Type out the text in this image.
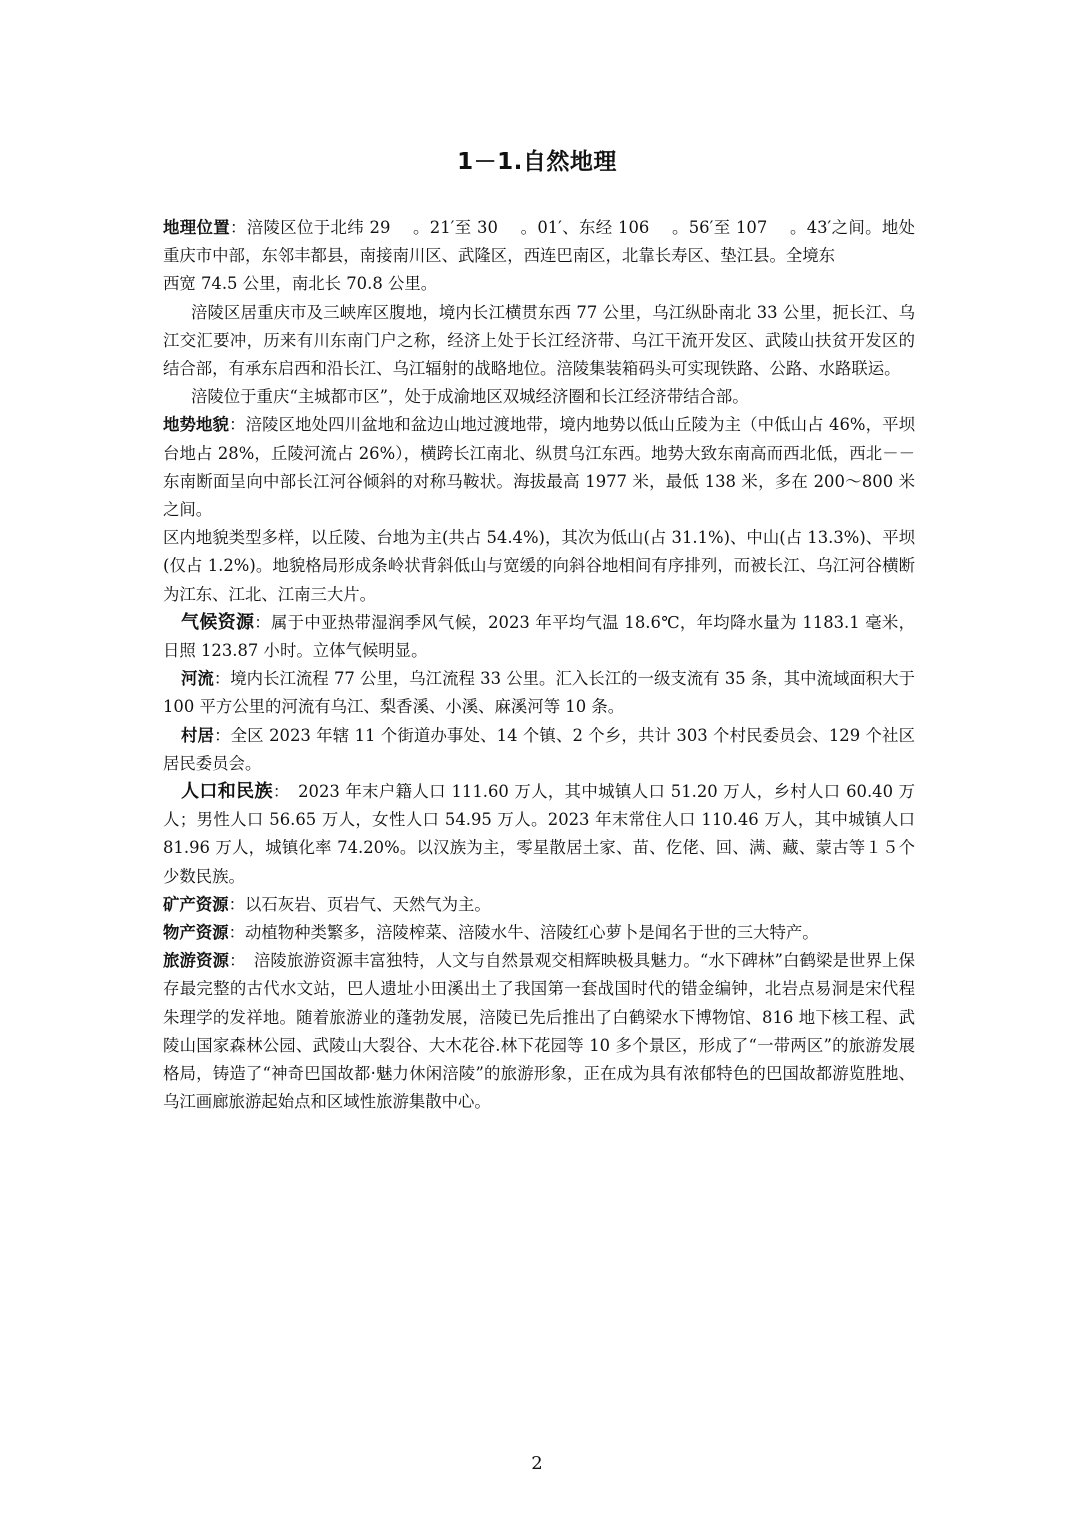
1－1.自然地理

地理位置：涪陵区位于北纬 29　 。21′至 30　 。01′、东经 106　 。56′至 107　 。43′之间。地处重庆市中部，东邻丰都县，南接南川区、武隆区，西连巴南区，北靠长寿区、垫江县。全境东

西宽 74.5 公里，南北长 70.8 公里。

涪陵区居重庆市及三峡库区腹地，境内长江横贯东西 77 公里，乌江纵卧南北 33 公里，扼长江、乌江交汇要冲，历来有川东南门户之称，经济上处于长江经济带、乌江干流开发区、武陵山扶贫开发区的结合部，有承东启西和沿长江、乌江辐射的战略地位。涪陵集装箱码头可实现铁路、公路、水路联运。

涪陵位于重庆“主城都市区”，处于成渝地区双城经济圈和长江经济带结合部。

地势地貌：涪陵区地处四川盆地和盆边山地过渡地带，境内地势以低山丘陵为主（中低山占 46%，平坝台地占 28%，丘陵河流占 26%），横跨长江南北、纵贯乌江东西。地势大致东南高而西北低，西北－－东南断面呈向中部长江河谷倾斜的对称马鞍状。海拔最高 1977 米，最低 138 米，多在 200～800 米之间。

区内地貌类型多样，以丘陵、台地为主(共占 54.4%)，其次为低山(占 31.1%)、中山(占 13.3%)、平坝(仅占 1.2%)。地貌格局形成条岭状背斜低山与宽缓的向斜谷地相间有序排列，而被长江、乌江河谷横断为江东、江北、江南三大片。

气候资源：属于中亚热带湿润季风气候，2023 年平均气温 18.6℃，年均降水量为 1183.1 毫米，日照 123.87 小时。立体气候明显。

河流：境内长江流程 77 公里，乌江流程 33 公里。汇入长江的一级支流有 35 条，其中流域面积大于 100 平方公里的河流有乌江、梨香溪、小溪、麻溪河等 10 条。

村居：全区 2023 年辖 11 个街道办事处、14 个镇、2 个乡，共计 303 个村民委员会、129 个社区居民委员会。

人口和民族：　2023 年末户籍人口 111.60 万人，其中城镇人口 51.20 万人，乡村人口 60.40 万人；男性人口 56.65 万人，女性人口 54.95 万人。2023 年末常住人口 110.46 万人，其中城镇人口 81.96 万人，城镇化率 74.20%。以汉族为主，零星散居土家、苗、仡佬、回、满、藏、蒙古等１５个少数民族。

矿产资源：以石灰岩、页岩气、天然气为主。

物产资源：动植物种类繁多，涪陵榨菜、涪陵水牛、涪陵红心萝卜是闻名于世的三大特产。

旅游资源：　涪陵旅游资源丰富独特，人文与自然景观交相辉映极具魅力。“水下碑林”白鹤梁是世界上保存最完整的古代水文站，巴人遗址小田溪出土了我国第一套战国时代的错金编钟，北岩点易洞是宋代程朱理学的发祥地。随着旅游业的蓬勃发展，涪陵已先后推出了白鹤梁水下博物馆、816 地下核工程、武陵山国家森林公园、武陵山大裂谷、大木花谷.林下花园等 10 多个景区，形成了“一带两区”的旅游发展格局，铸造了“神奇巴国故都·魅力休闲涪陵”的旅游形象，正在成为具有浓郁特色的巴国故都游览胜地、乌江画廊旅游起始点和区域性旅游集散中心。

2
